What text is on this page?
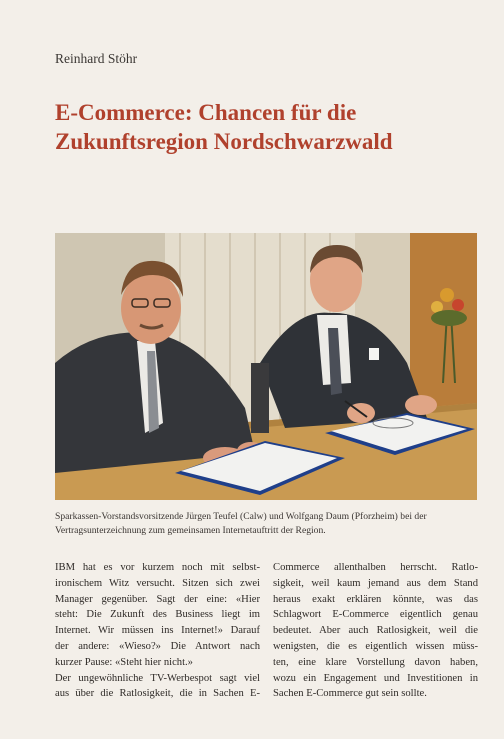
Reinhard Stöhr
E-Commerce: Chancen für die
Zukunftsregion Nordschwarzwald
Sparkassen-Vorstandsvorsitzende Jürgen Teufel (Calw) und Wolfgang Daum (Pforzheim) bei der
Vertragsunterzeichnung zum gemeinsamen Internetauftritt der Region.
IBM hat es vor kurzem noch mit selbst-
ironischem Witz versucht. Sitzen sich zwei
Manager gegenüber. Sagt der eine: «Hier
steht: Die Zukunft des Business liegt im
Internet. Wir müssen ins Internet!» Darauf
der andere: «Wieso?» Die Antwort nach
kurzer Pause: «Steht hier nicht.»
Der ungewöhnliche TV-Werbespot sagt viel
aus über die Ratlosigkeit, die in Sachen E-
Commerce allenthalben herrscht. Ratlo-
sigkeit, weil kaum jemand aus dem Stand
heraus exakt erklären könnte, was das
Schlagwort E-Commerce eigentlich genau
bedeutet. Aber auch Ratlosigkeit, weil die
wenigsten, die es eigentlich wissen müss-
ten, eine klare Vorstellung davon haben,
wozu ein Engagement und Investitionen in
Sachen E-Commerce gut sein sollte.
